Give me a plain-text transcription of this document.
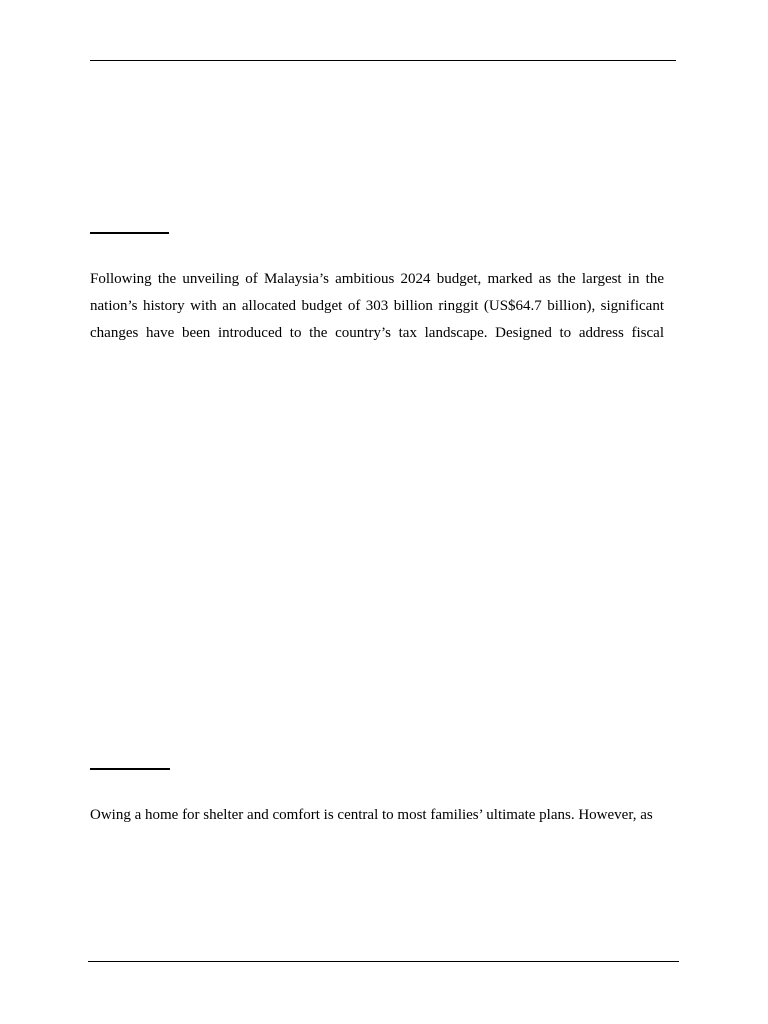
Following the unveiling of Malaysia’s ambitious 2024 budget, marked as the largest in the
nation’s history with an allocated budget of 303 billion ringgit (US$64.7 billion), significant
changes have been introduced to the country’s tax landscape. Designed to address fiscal
Owing a home for shelter and comfort is central to most families’ ultimate plans. However, as
